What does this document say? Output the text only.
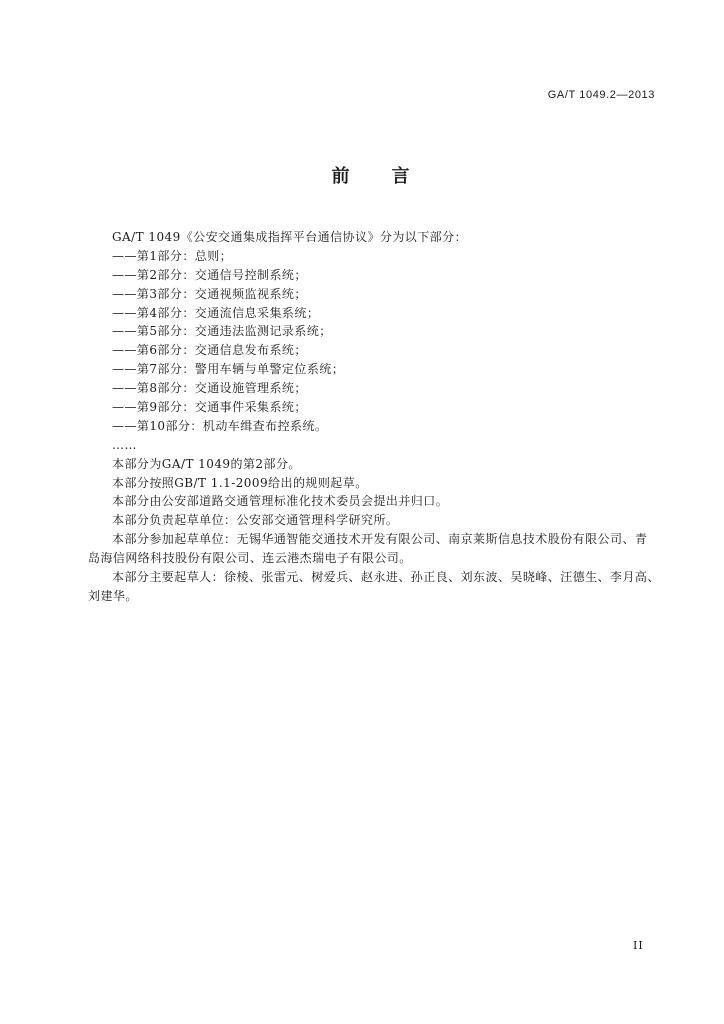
GA/T 1049.2—2013
前　　言

GA/T 1049《公安交通集成指挥平台通信协议》分为以下部分：

——第1部分：总则；

——第2部分：交通信号控制系统；

——第3部分：交通视频监视系统；

——第4部分：交通流信息采集系统；

——第5部分：交通违法监测记录系统；

——第6部分：交通信息发布系统；

——第7部分：警用车辆与单警定位系统；

——第8部分：交通设施管理系统；

——第9部分：交通事件采集系统；

——第10部分：机动车缉查布控系统。

……

本部分为GA/T 1049的第2部分。

本部分按照GB/T 1.1-2009给出的规则起草。

本部分由公安部道路交通管理标准化技术委员会提出并归口。

本部分负责起草单位：公安部交通管理科学研究所。

本部分参加起草单位：无锡华通智能交通技术开发有限公司、南京莱斯信息技术股份有限公司、青

岛海信网络科技股份有限公司、连云港杰瑞电子有限公司。

本部分主要起草人：徐棱、张雷元、树爱兵、赵永进、孙正良、刘东波、吴晓峰、汪德生、李月高、

刘建华。

II
